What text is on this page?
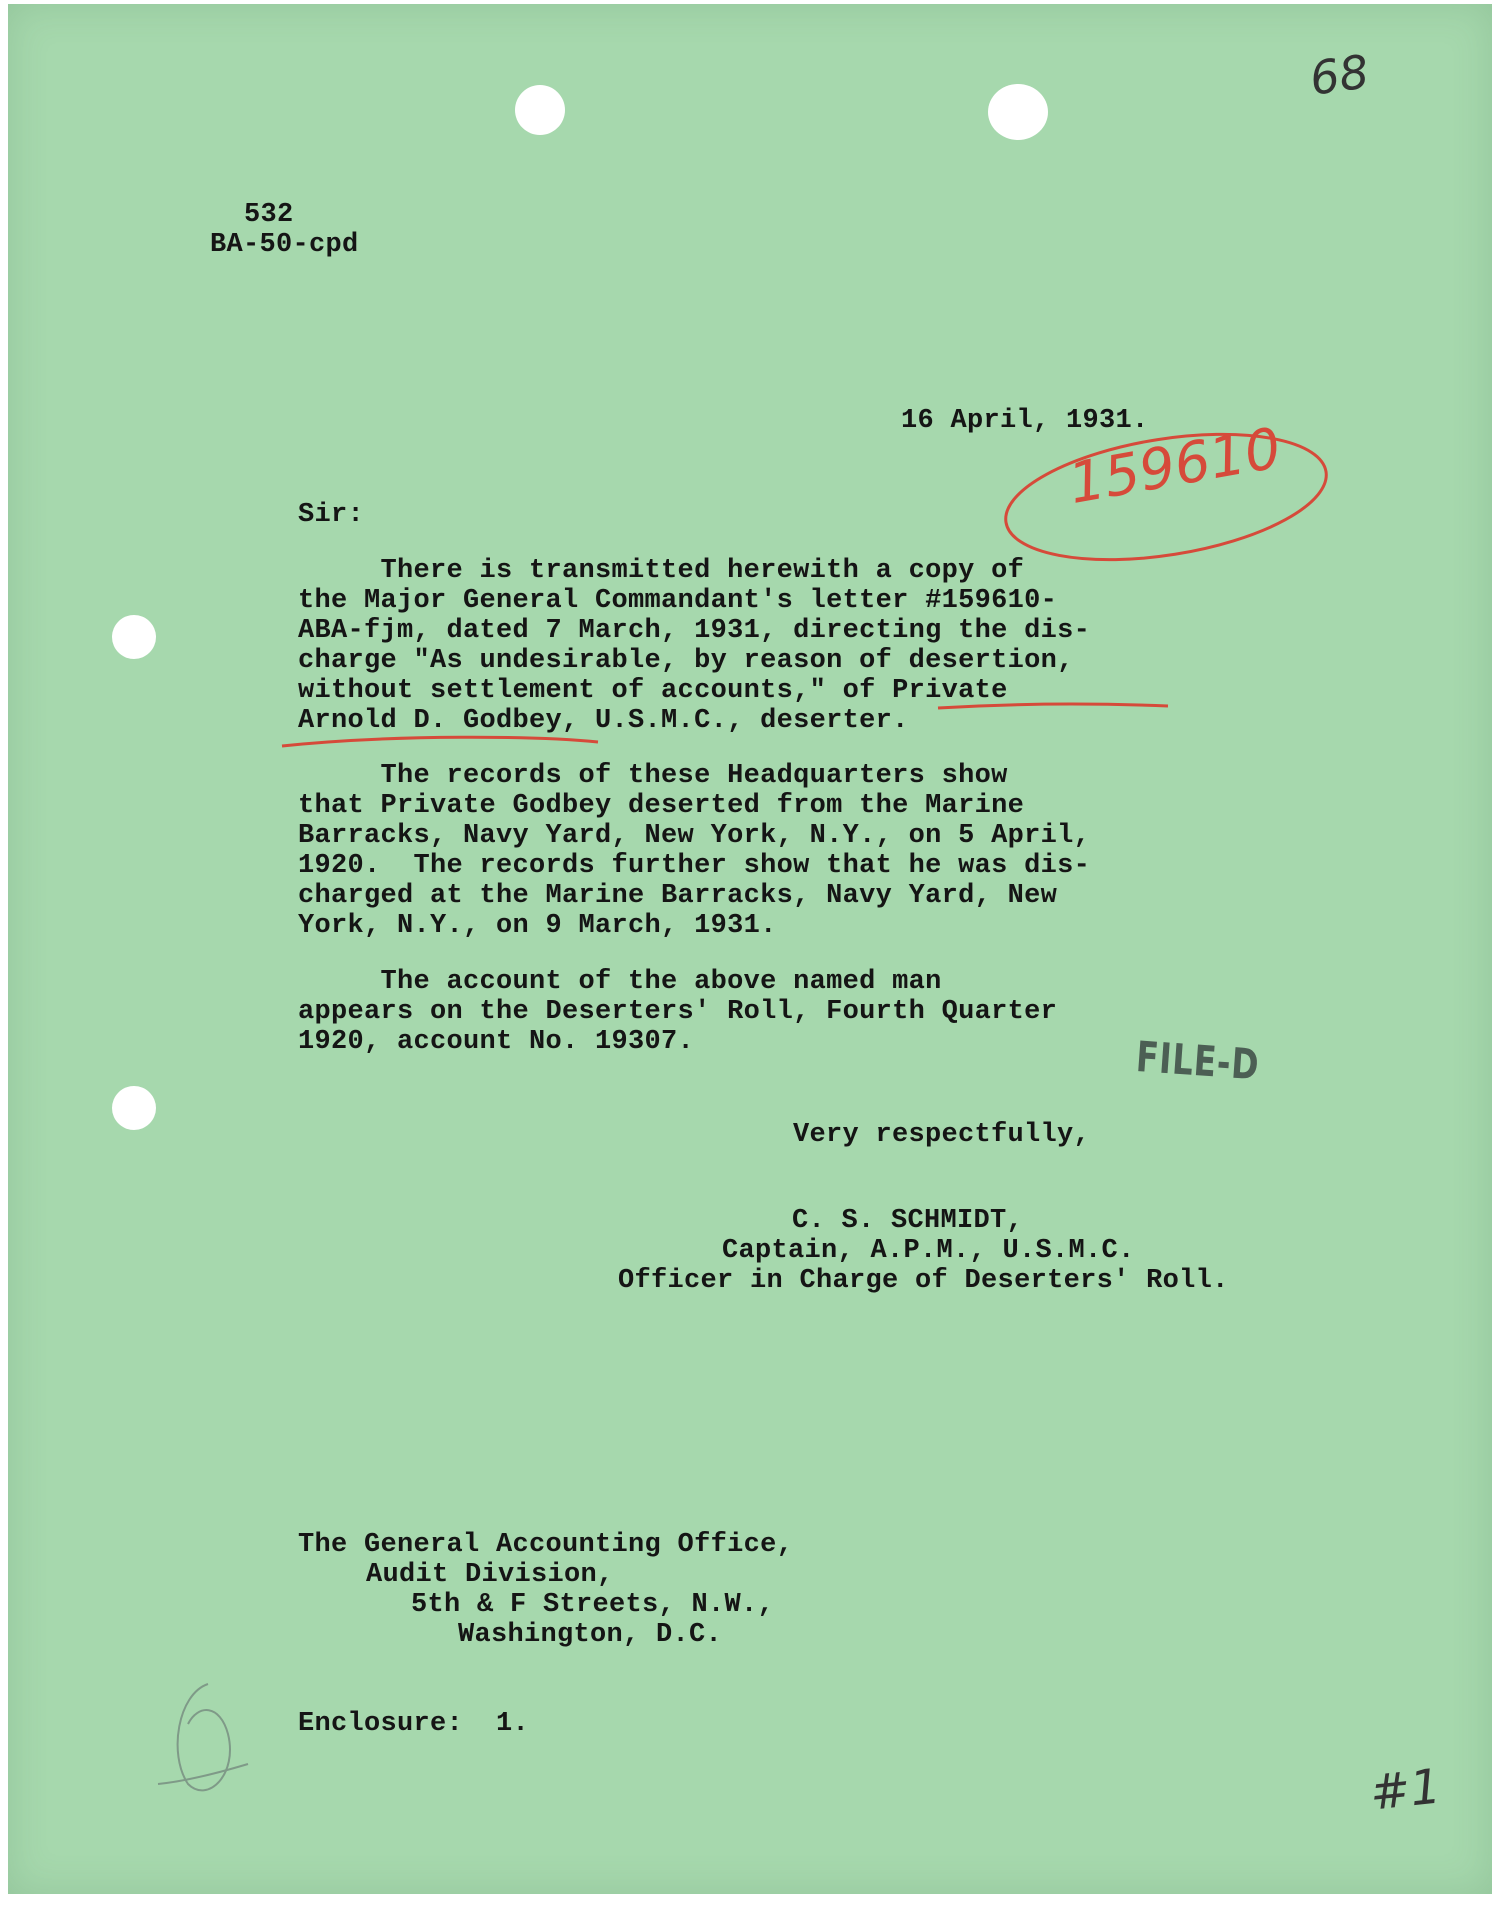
68

532

BA-50-cpd

16 April, 1931.

159610

Sir:

There is transmitted herewith a copy of

the Major General Commandant's letter #159610-

ABA-fjm, dated 7 March, 1931, directing the dis-

charge "As undesirable, by reason of desertion,

without settlement of accounts," of Private

Arnold D. Godbey, U.S.M.C., deserter.

The records of these Headquarters show

that Private Godbey deserted from the Marine

Barracks, Navy Yard, New York, N.Y., on 5 April,

1920.  The records further show that he was dis-

charged at the Marine Barracks, Navy Yard, New

York, N.Y., on 9 March, 1931.

The account of the above named man

appears on the Deserters' Roll, Fourth Quarter

1920, account No. 19307.	FILE-D

Very respectfully,

C. S. SCHMIDT,

Captain, A.P.M., U.S.M.C.

Officer in Charge of Deserters' Roll.

The General Accounting Office,

Audit Division,

5th & F Streets, N.W.,

Washington, D.C.

Enclosure:  1.

#1
